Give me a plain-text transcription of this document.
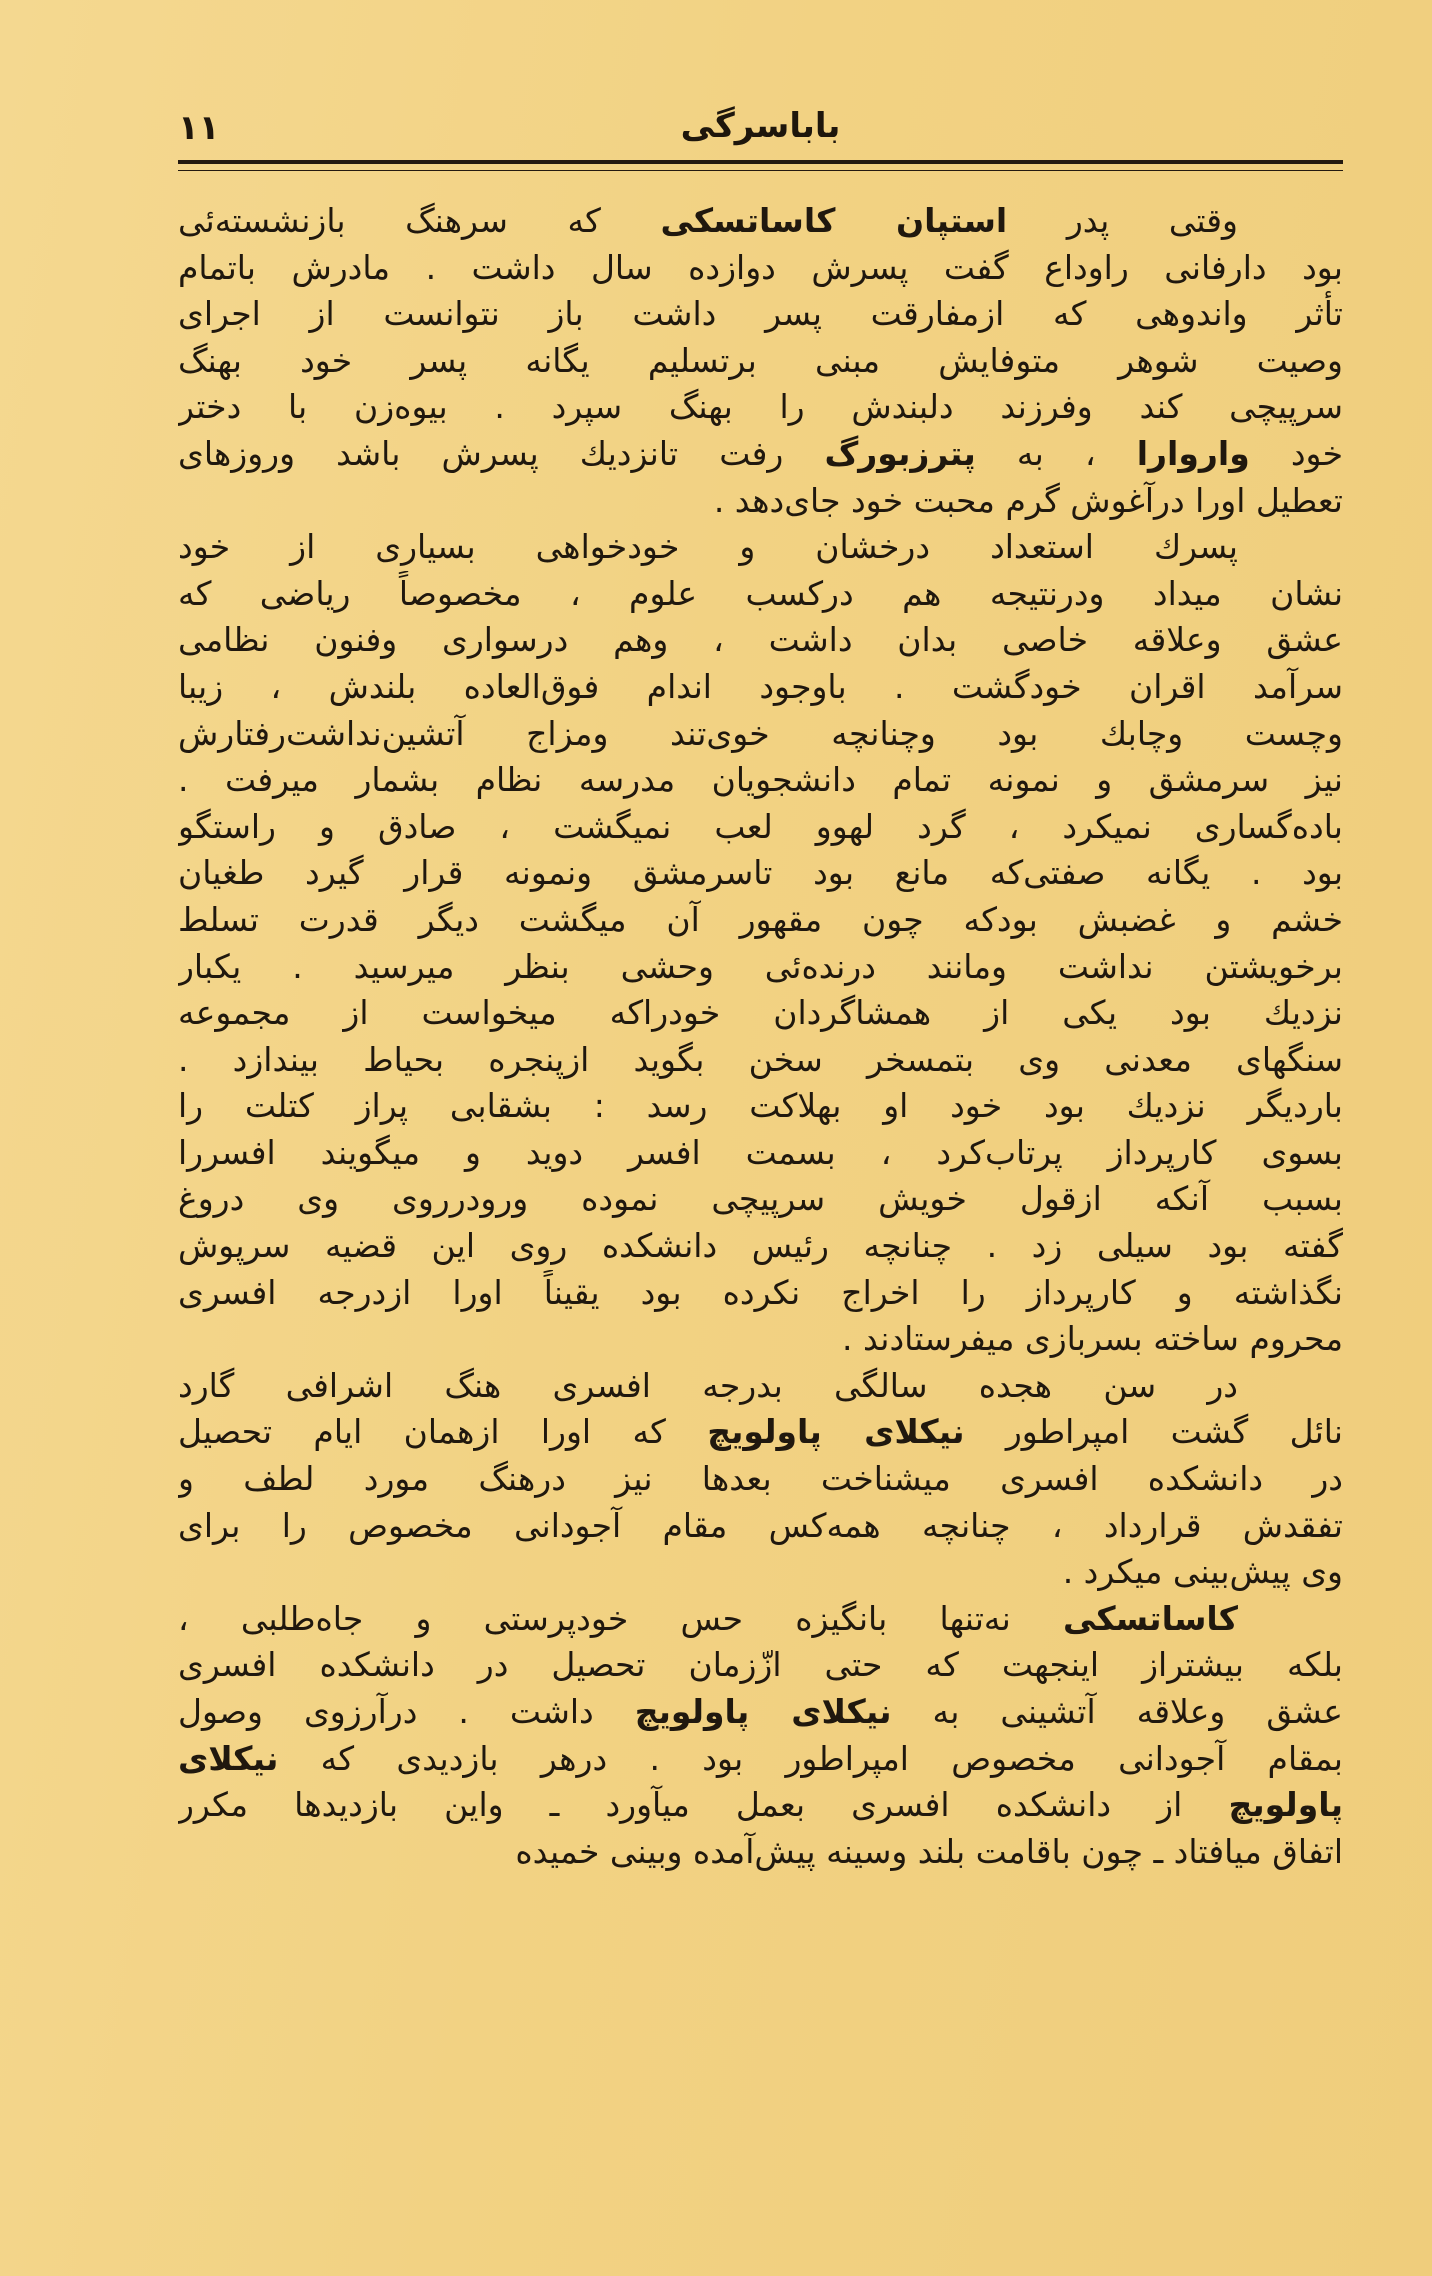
۱۱	باباسرگی
وقتی پدر استپان کاساتسکی که سرهنگ بازنشسته‌ئی
بود دارفانی راوداع گفت پسرش دوازده سال داشت . مادرش باتمام
تأثر واندوهی که ازمفارقت پسر داشت باز نتوانست از اجرای
وصیت شوهر متوفایش مبنی برتسلیم یگانه پسر خود بهنگ
سرپیچی کند وفرزند دلبندش را بهنگ سپرد . بیوه‌زن با دختر
خود واروارا ، به پترزبورگ رفت تانزدیك پسرش باشد وروزهای
تعطیل اورا درآغوش گرم محبت خود جای‌دهد .
پسرك استعداد درخشان و خودخواهی بسیاری از خود
نشان میداد ودرنتیجه هم درکسب علوم ، مخصوصاً ریاضی که
عشق وعلاقه خاصی بدان داشت ، وهم درسواری وفنون نظامی
سرآمد اقران خودگشت . باوجود اندام فوق‌العاده بلندش ، زیبا
وچست وچابك بود وچنانچه خوی‌تند ومزاج آتشین‌نداشت‌رفتارش
نیز سرمشق و نمونه تمام دانشجویان مدرسه نظام بشمار میرفت .
باده‌گساری نمیکرد ، گرد لهوو لعب نمیگشت ، صادق و راستگو
بود . یگانه صفتی‌که مانع بود تاسرمشق ونمونه قرار گیرد طغیان
خشم و غضبش بودکه چون مقهور آن میگشت دیگر قدرت تسلط
برخویشتن نداشت ومانند درنده‌ئی وحشی بنظر میرسید . یکبار
نزدیك بود یکی از همشاگردان خودراکه میخواست از مجموعه
سنگهای معدنی وی بتمسخر سخن بگوید ازپنجره بحیاط بیندازد .
باردیگر نزدیك بود خود او بهلاکت رسد : بشقابی پراز کتلت را
بسوی کارپرداز پرتاب‌کرد ، بسمت افسر دوید و میگویند افسررا
بسبب آنکه ازقول خویش سرپیچی نموده ورودرروی وی دروغ
گفته بود سیلی زد . چنانچه رئیس دانشکده روی این قضیه سرپوش
نگذاشته و کارپرداز را اخراج نکرده بود یقیناً اورا ازدرجه افسری
محروم ساخته بسربازی میفرستادند .
در سن هجده سالگی بدرجه افسری هنگ اشرافی گارد
نائل گشت امپراطور نیکلای پاولویچ که اورا ازهمان ایام تحصیل
در دانشکده افسری میشناخت بعدها نیز درهنگ مورد لطف و
تفقدش قرارداد ، چنانچه همه‌کس مقام آجودانی مخصوص را برای
وی پیش‌بینی میکرد .
کاساتسکی نه‌تنها بانگیزه حس خودپرستی و جاه‌طلبی ،
بلکه بیشتراز اینجهت که حتی ازّزمان تحصیل در دانشکده افسری
عشق وعلاقه آتشینی به نیکلای پاولویچ داشت . درآرزوی وصول
بمقام آجودانی مخصوص امپراطور بود . درهر بازدیدی که نیکلای
پاولویچ از دانشکده افسری بعمل میآورد ـ واین بازدیدها مکرر
اتفاق میافتاد ـ چون باقامت بلند وسینه پیش‌آمده وبینی خمیده
